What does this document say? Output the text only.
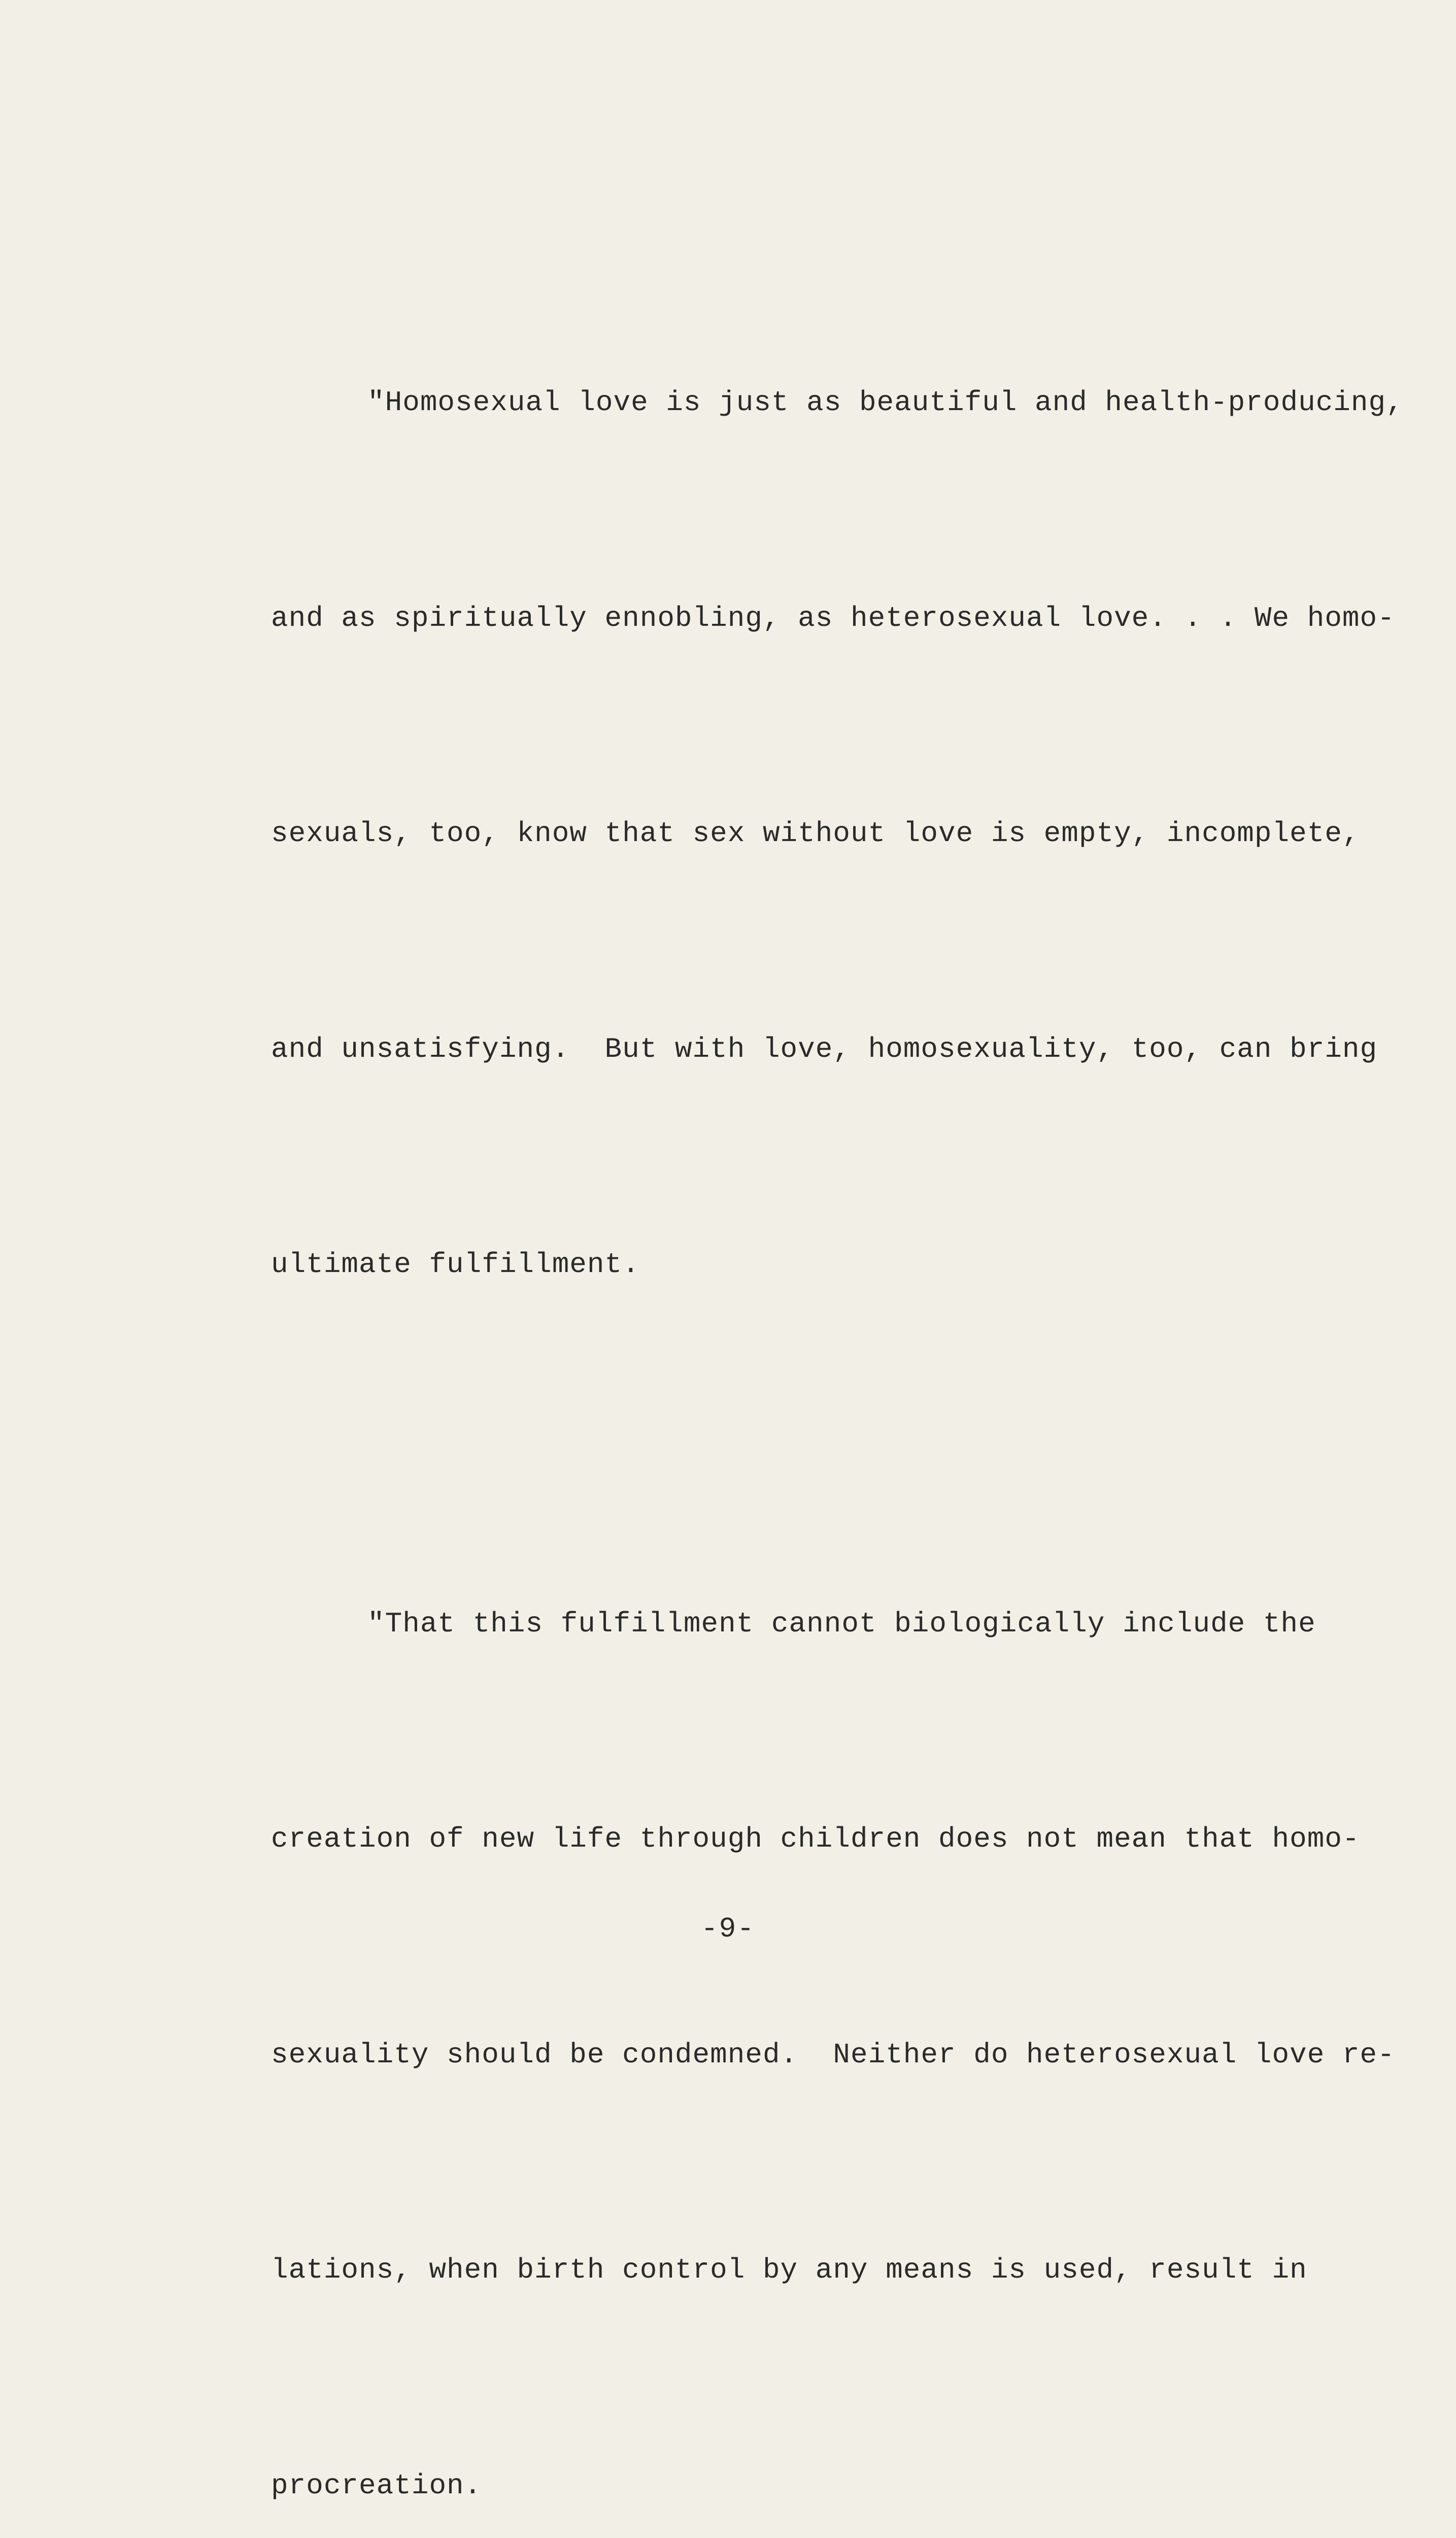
"Homosexual love is just as beautiful and health-producing,

and as spiritually ennobling, as heterosexual love. . . We homo-

sexuals, too, know that sex without love is empty, incomplete,

and unsatisfying.  But with love, homosexuality, too, can bring

ultimate fulfillment.

"That this fulfillment cannot biologically include the

creation of new life through children does not mean that homo-

sexuality should be condemned.  Neither do heterosexual love re-

lations, when birth control by any means is used, result in

procreation.

-9-
